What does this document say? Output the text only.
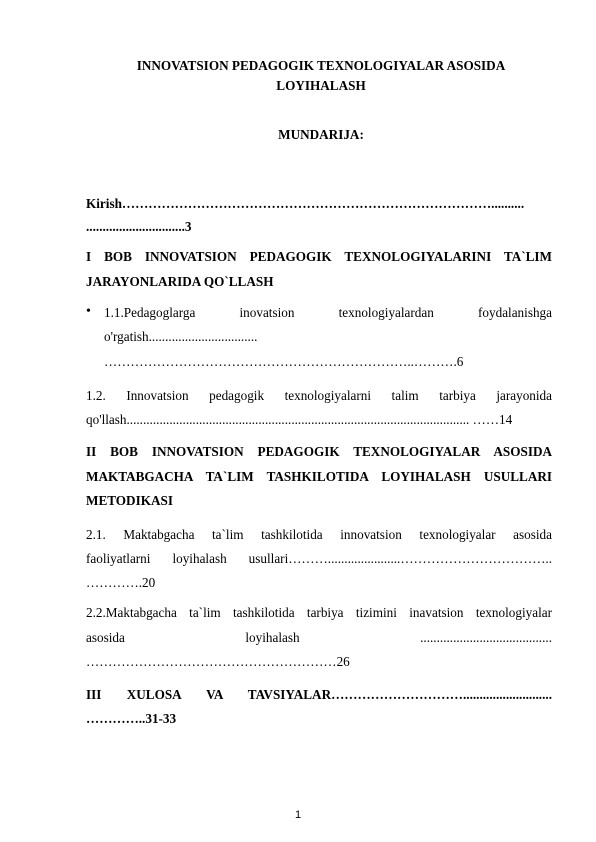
INNOVATSION PEDAGOGIK TEXNOLOGIYALAR ASOSIDA
LOYIHALASH
MUNDARIJA:
Kirish…………………………………………………………………………..........
..............................3
I BOB INNOVATSION PEDAGOGIK TEXNOLOGIYALARINI TA`LIM
JARAYONLARIDA QO`LLASH
• 1.1.Pedagoglarga inovatsion texnologiyalardan foydalanishga
o'rgatish.................................
……………………………………………………………..……….6
1.2. Innovatsion pedagogik texnologiyalarni talim tarbiya jarayonida
qo'llash........................................................................................................ ……14
II BOB INNOVATSION PEDAGOGIK TEXNOLOGIYALAR ASOSIDA
MAKTABGACHA TA`LIM TASHKILOTIDA LOYIHALASH USULLARI
METODIKASI
2.1. Maktabgacha ta`lim tashkilotida innovatsion texnologiyalar asosida
faoliyatlarni loyihalash usullari………......................……………………………..
………….20
2.2.Maktabgacha ta`lim tashkilotida tarbiya tizimini inavatsion texnologiyalar
asosida loyihalash ........................................
…………………………………………………26
III XULOSA VA TAVSIYALAR…………………………...........................
…………..31-33
1
